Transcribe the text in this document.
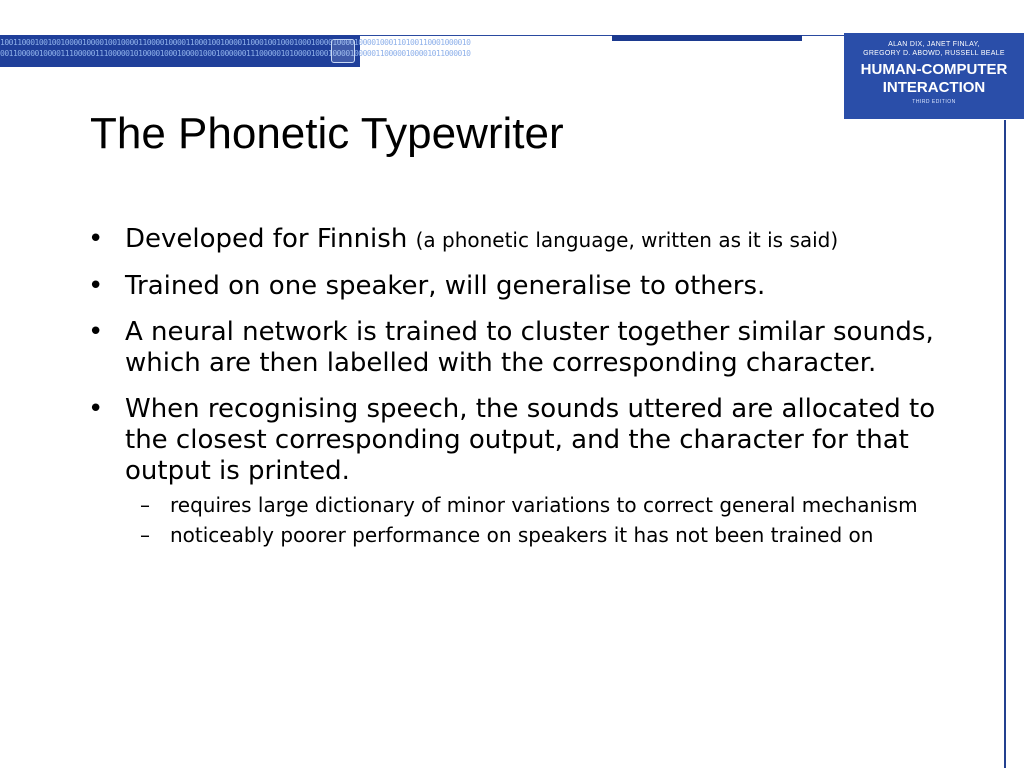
1001100010010010000100001001000011000010000110001001000011000100100010001000010000100001000110100110001000010
0011000001000011100000111000001010000100010000100010000001110000010100001000100001000001100000100001011000010
ALAN DIX, JANET FINLAY,
GREGORY D. ABOWD, RUSSELL BEALE
HUMAN-COMPUTER
INTERACTION
THIRD EDITION
The Phonetic Typewriter
• Developed for Finnish (a phonetic language, written as it is said)
• Trained on one speaker, will generalise to others.
• A neural network is trained to cluster together similar sounds, which are then labelled with the corresponding character.
• When recognising speech, the sounds uttered are allocated to the closest corresponding output, and the character for that output is printed.
– requires large dictionary of minor variations to correct general mechanism
– noticeably poorer performance on speakers it has not been trained on
